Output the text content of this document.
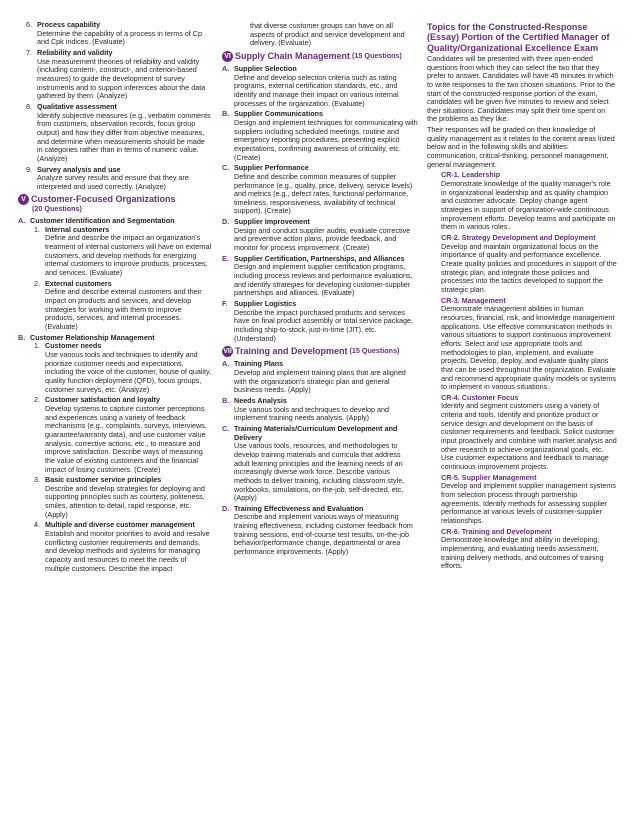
6. Process capability
Determine the capability of a process in terms of Cp and Cpk indices. (Evaluate)
7. Reliability and validity
Use measurement theories of reliability and validity (including content-, construct-, and criterion-based measures) to guide the development of survey instruments and to support inferences about the data gathered by them. (Analyze)
8. Qualitative assessment
Identify subjective measures (e.g., verbatim comments from customers, observation records, focus group output) and how they differ from objective measures, and determine when measurements should be made in categories rather than in terms of numeric value. (Analyze)
9. Survey analysis and use
Analyze survey results and ensure that they are interpreted and used correctly. (Analyze)
V Customer-Focused Organizations
(20 Questions)
A. Customer Identification and Segmentation
1. Internal customers
Define and describe the impact an organization's treatment of internal customers will have on external customers, and develop methods for energizing internal customers to improve products, processes, and services. (Evaluate)
2. External customers
Define and describe external customers and their impact on products and services, and develop strategies for working with them to improve products, services, and internal processes. (Evaluate)
B. Customer Relationship Management
1. Customer needs
Use various tools and techniques to identify and prioritize customer needs and expectations, including the voice of the customer, house of quality, quality function deployment (QFD), focus groups, customer surveys, etc. (Analyze)
2. Customer satisfaction and loyalty
Develop systems to capture customer perceptions and experiences using a variety of feedback mechanisms (e.g., complaints, surveys, interviews, guarantee/warranty data), and use customer value analysis, corrective actions, etc., to measure and improve satisfaction. Describe ways of measuring the value of existing customers and the financial impact of losing customers. (Create)
3. Basic customer service principles
Describe and develop strategies for deploying and supporting principles such as courtesy, politeness, smiles, attention to detail, rapid response, etc. (Apply)
4. Multiple and diverse customer management
Establish and monitor priorities to avoid and resolve conflicting customer requirements and demands, and develop methods and systems for managing capacity and resources to meet the needs of multiple customers. Describe the impact
that diverse customer groups can have on all aspects of product and service development and delivery. (Evaluate)
VI Supply Chain Management (15 Questions)
A. Supplier Selection
Define and develop selection criteria such as rating programs, external certification standards, etc., and identify and manage their impact on various internal processes of the organization. (Evaluate)
B. Supplier Communications
Design and implement techniques for communicating with suppliers including scheduled meetings, routine and emergency reporting procedures, presenting explicit expectations, confirming awareness of criticality, etc. (Create)
C. Supplier Performance
Define and describe common measures of supplier performance (e.g., quality, price, delivery, service levels) and metrics (e.g., defect rates, functional performance, timeliness, responsiveness, availability of technical support). (Create)
D. Supplier Improvement
Design and conduct supplier audits, evaluate corrective and preventive action plans, provide feedback, and monitor for process improvement. (Create)
E. Supplier Certification, Partnerships, and Alliances
Design and implement supplier certification programs, including process reviews and performance evaluations, and identify strategies for developing customer-supplier partnerships and alliances. (Evaluate)
F. Supplier Logistics
Describe the impact purchased products and services have on final product assembly or total service package, including ship-to-stock, just-in-time (JIT), etc. (Understand)
VII Training and Development (15 Questions)
A. Training Plans
Develop and implement training plans that are aligned with the organization's strategic plan and general business needs. (Apply)
B. Needs Analysis
Use various tools and techniques to develop and implement training needs analysis. (Apply)
C. Training Materials/Curriculum Development and Delivery
Use various tools, resources, and methodologies to develop training materials and curricula that address adult learning principles and the learning needs of an increasingly diverse work force. Describe various methods to deliver training, including classroom style, workbooks, simulations, on-the-job, self-directed, etc. (Apply)
D. Training Effectiveness and Evaluation
Describe and implement various ways of measuring training effectiveness, including customer feedback from training sessions, end-of-course test results, on-the-job behavior/performance change, departmental or area performance improvements. (Apply)
Topics for the Constructed-Response (Essay) Portion of the Certified Manager of Quality/Organizational Excellence Exam
Candidates will be presented with three open-ended questions from which they can select the two that they prefer to answer. Candidates will have 45 minutes in which to write responses to the two chosen situations. Prior to the start of the constructed-response portion of the exam, candidates will be given five minutes to review and select their situations. Candidates may split their time spent on the problems as they like.
Their responses will be graded on their knowledge of quality management as it relates to the content areas listed below and in the following skills and abilities: communication, critical-thinking, personnel management, general management.
CR-1. Leadership
Demonstrate knowledge of the quality manager's role in organizational leadership and as quality champion and customer advocate. Deploy change agent strategies in support of organization-wide continuous improvement efforts. Develop teams and participate on them in various roles.
CR-2. Strategy Development and Deployment
Develop and maintain organizational focus on the importance of quality and performance excellence. Create quality policies and procedures in support of the strategic plan, and integrate those policies and processes into the tactics developed to support the strategic plan.
CR-3. Management
Demonstrate management abilities in human resources, financial, risk, and knowledge management applications. Use effective communication methods in various situations to support continuous improvement efforts. Select and use appropriate tools and methodologies to plan, implement, and evaluate projects. Develop, deploy, and evaluate quality plans that can be used throughout the organization. Evaluate and recommend appropriate quality models or systems to implement in various situations.
CR-4. Customer Focus
Identify and segment customers using a variety of criteria and tools. Identify and prioritize product or service design and development on the basis of customer requirements and feedback. Solicit customer input proactively and combine with market analysis and other research to achieve organizational goals, etc. Use customer expectations and feedback to manage continuous improvement projects.
CR-5. Supplier Management
Develop and implement supplier management systems from selection process through partnership agreements. Identify methods for assessing supplier performance at various levels of customer-supplier relationships.
CR-6. Training and Development
Demonstrate knowledge and ability in developing, implementing, and evaluating needs assessment, training delivery methods, and outcomes of training efforts.
